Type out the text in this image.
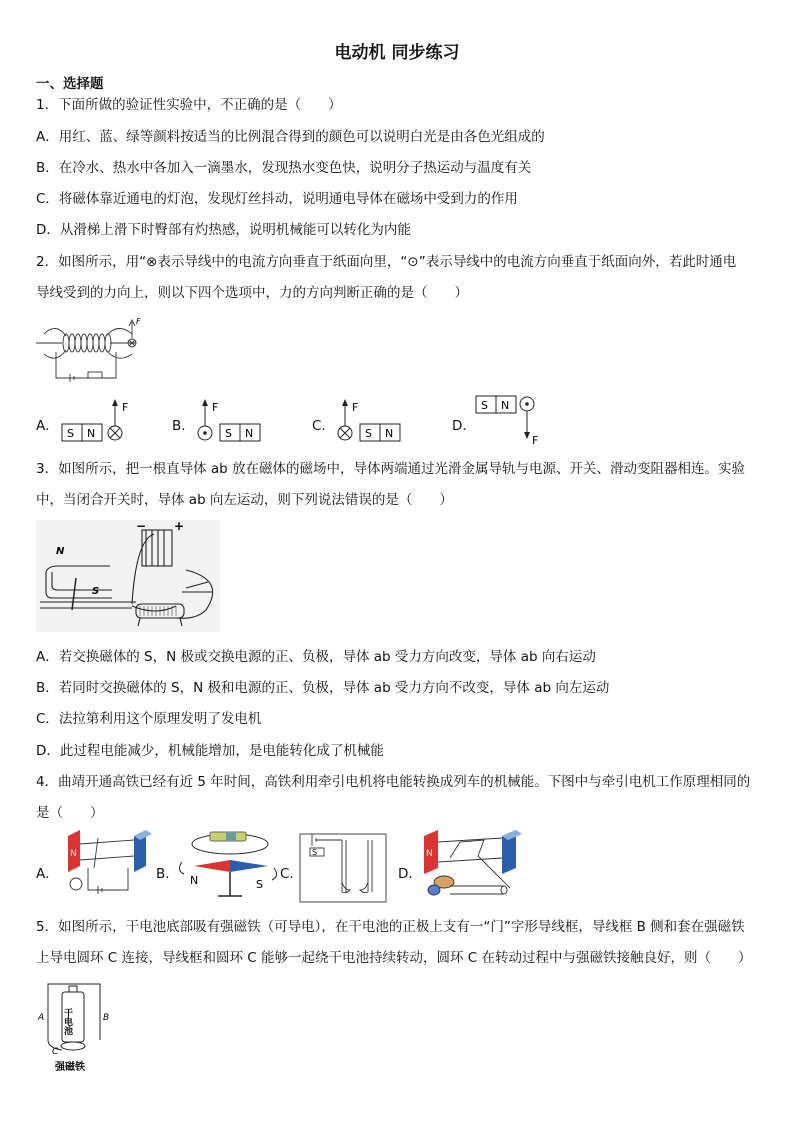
电动机 同步练习
一、选择题
1．下面所做的验证性实验中，不正确的是（　　）
A．用红、蓝、绿等颜料按适当的比例混合得到的颜色可以说明白光是由各色光组成的
B．在冷水、热水中各加入一滴墨水，发现热水变色快，说明分子热运动与温度有关
C．将磁体靠近通电的灯泡，发现灯丝抖动，说明通电导体在磁场中受到力的作用
D．从滑梯上滑下时臀部有灼热感，说明机械能可以转化为内能
2．如图所示，用“⊗表示导线中的电流方向垂直于纸面向里，“⊙”表示导线中的电流方向垂直于纸面向外，若此时通电
导线受到的力向上，则以下四个选项中，力的方向判断正确的是（　　）
F
A． S N
F
B．
F
S N	C．
F
S N	D．
S N
F
3．如图所示，把一根直导体 ab 放在磁体的磁场中，导体两端通过光滑金属导轨与电源、开关、滑动变阻器相连。实验
中，当闭合开关时，导体 ab 向左运动，则下列说法错误的是（　　）
N
S
− +
A．若交换磁体的 S，N 极或交换电源的正、负极，导体 ab 受力方向改变，导体 ab 向右运动
B．若同时交换磁体的 S，N 极和电源的正、负极，导体 ab 受力方向不改变，导体 ab 向左运动
C．法拉第利用这个原理发明了发电机
D．此过程电能减少，机械能增加，是电能转化成了机械能
4．曲靖开通高铁已经有近 5 年时间，高铁利用牵引电机将电能转换成列车的机械能。下图中与牵引电机工作原理相同的
是（　　）
A．
N
B． N	S
C．
S
D．
N
5．如图所示，干电池底部吸有强磁铁（可导电），在干电池的正极上支有一“门”字形导线框，导线框 B 侧和套在强磁铁
上导电圆环 C 连接，导线框和圆环 C 能够一起绕干电池持续转动，圆环 C 在转动过程中与强磁铁接触良好，则（　　）
干电池
A	B
C
强磁铁
